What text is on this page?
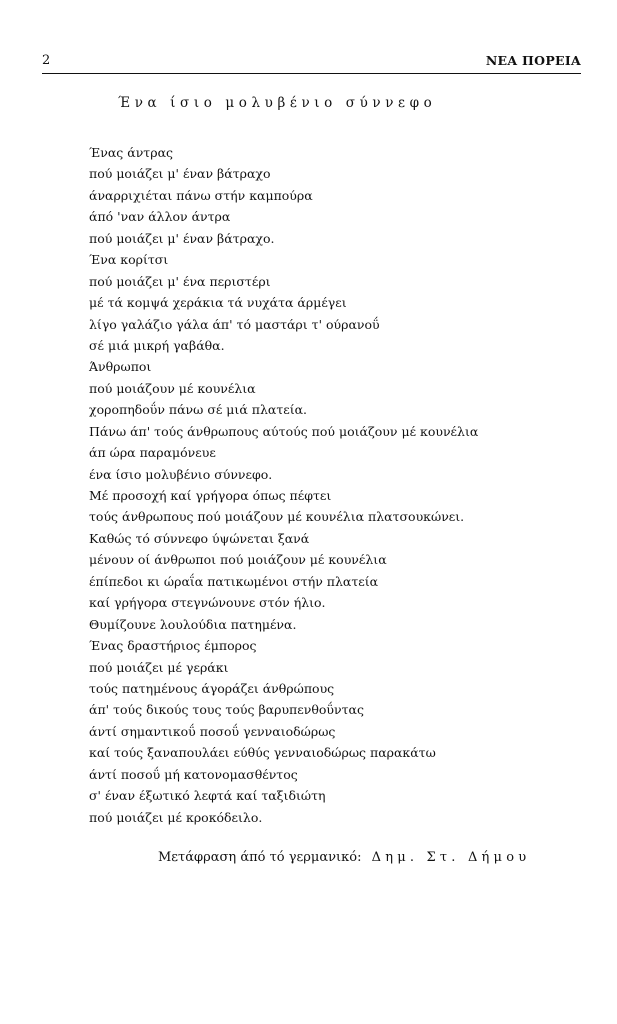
2	ΝΕΑ ΠΟΡΕΙΑ
Ένα ίσιο μολυβένιο σύννεφο
Ένας άντρας
πού μοιάζει μ' έναν βάτραχο
άναρριχιέται πάνω στήν καμπούρα
άπό 'ναν άλλον άντρα
πού μοιάζει μ' έναν βάτραχο.
Ένα κορίτσι
πού μοιάζει μ' ένα περιστέρι
μέ τά κομψά χεράκια τά νυχάτα άρμέγει
λίγο γαλάζιο γάλα άπ' τό μαστάρι τ' ούρανοΰ
σέ μιά μικρή γαβάθα.
Άνθρωποι
πού μοιάζουν μέ κουνέλια
χοροπηδοΰν πάνω σέ μιά πλατεία.
Πάνω άπ' τούς άνθρωπους αύτούς πού μοιάζουν μέ κουνέλια
άπ ώρα παραμόνευε
ένα ίσιο μολυβένιο σύννεφο.
Μέ προσοχή καί γρήγορα όπως πέφτει
τούς άνθρωπους πού μοιάζουν μέ κουνέλια πλατσουκώνει.
Καθώς τό σύννεφο ύψώνεται ξανά
μένουν οί άνθρωποι πού μοιάζουν μέ κουνέλια
έπίπεδοι κι ώραΐα πατικωμένοι στήν πλατεία
καί γρήγορα στεγνώνουνε στόν ήλιο.
Θυμίζουνε λουλούδια πατημένα.
Ένας δραστήριος έμπορος
πού μοιάζει μέ γεράκι
τούς πατημένους άγοράζει άνθρώπους
άπ' τούς δικούς τους τούς βαρυπενθοΰντας
άντί σημαντικοΰ ποσοΰ γενναιοδώρως
καί τούς ξαναπουλάει εύθύς γενναιοδώρως παρακάτω
άντί ποσοΰ μή κατονομασθέντος
σ' έναν έξωτικό λεφτά καί ταξιδιώτη
πού μοιάζει μέ κροκόδειλο.
Μετάφραση άπό τό γερμανικό: Δημ. Στ. Δήμου
